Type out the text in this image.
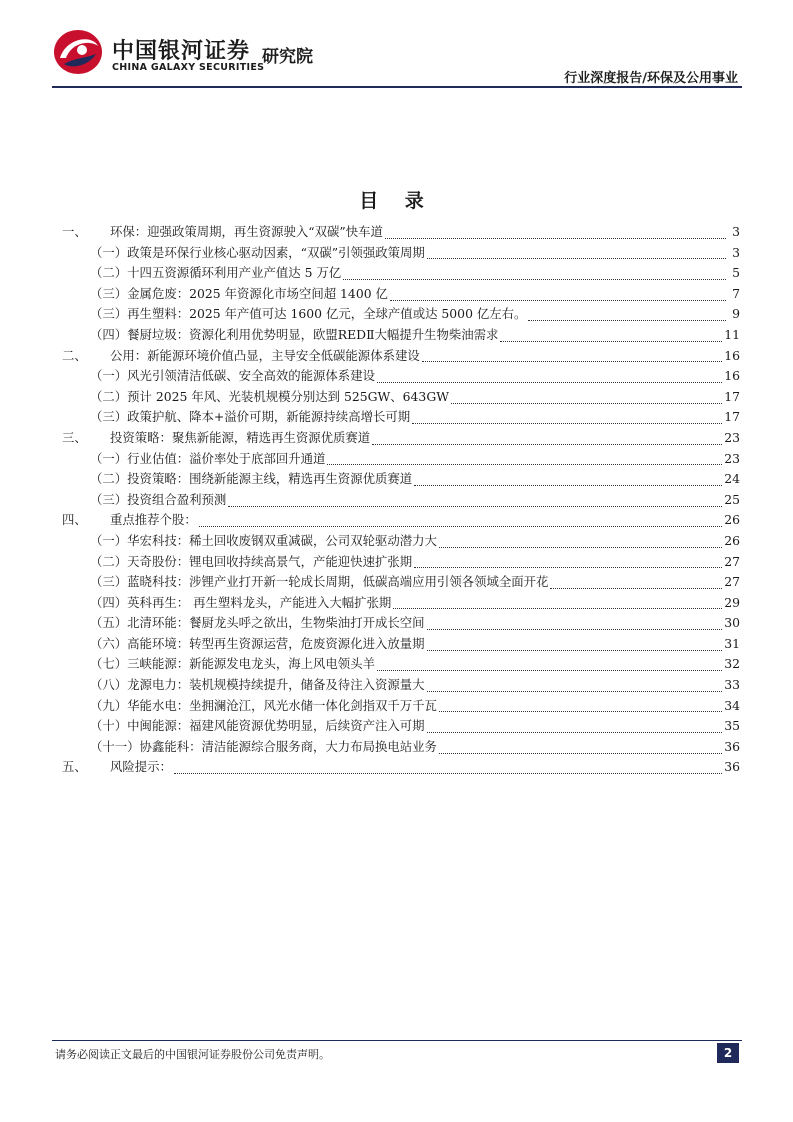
中国银河证券
CHINA GALAXY SECURITIES
研究院
行业深度报告/环保及公用事业
目 录
一、	环保：迎强政策周期，再生资源驶入“双碳”快车道	3
（一）政策是环保行业核心驱动因素，“双碳”引领强政策周期	3
（二）十四五资源循环利用产业产值达 5 万亿	5
（三）金属危废：2025 年资源化市场空间超 1400 亿	7
（三）再生塑料：2025 年产值可达 1600 亿元，全球产值或达 5000 亿左右。	9
（四）餐厨垃圾：资源化利用优势明显，欧盟REDⅡ大幅提升生物柴油需求	11
二、	公用：新能源环境价值凸显，主导安全低碳能源体系建设	16
（一）风光引领清洁低碳、安全高效的能源体系建设	16
（二）预计 2025 年风、光装机规模分别达到 525GW、643GW	17
（三）政策护航、降本+溢价可期，新能源持续高增长可期	17
三、	投资策略：聚焦新能源，精选再生资源优质赛道	23
（一）行业估值：溢价率处于底部回升通道	23
（二）投资策略：围绕新能源主线，精选再生资源优质赛道	24
（三）投资组合盈利预测	25
四、	重点推荐个股：	26
（一）华宏科技：稀土回收废钢双重减碳，公司双轮驱动潜力大	26
（二）天奇股份：锂电回收持续高景气，产能迎快速扩张期	27
（三）蓝晓科技：涉锂产业打开新一轮成长周期，低碳高端应用引领各领域全面开花	27
（四）英科再生： 再生塑料龙头，产能进入大幅扩张期	29
（五）北清环能：餐厨龙头呼之欲出，生物柴油打开成长空间	30
（六）高能环境：转型再生资源运营，危废资源化进入放量期	31
（七）三峡能源：新能源发电龙头，海上风电领头羊	32
（八）龙源电力：装机规模持续提升，储备及待注入资源量大	33
（九）华能水电：坐拥澜沧江，风光水储一体化剑指双千万千瓦	34
（十）中闽能源：福建风能资源优势明显，后续资产注入可期	35
（十一）协鑫能科：清洁能源综合服务商，大力布局换电站业务	36
五、	风险提示：	36
请务必阅读正文最后的中国银河证券股份公司免责声明。	2
